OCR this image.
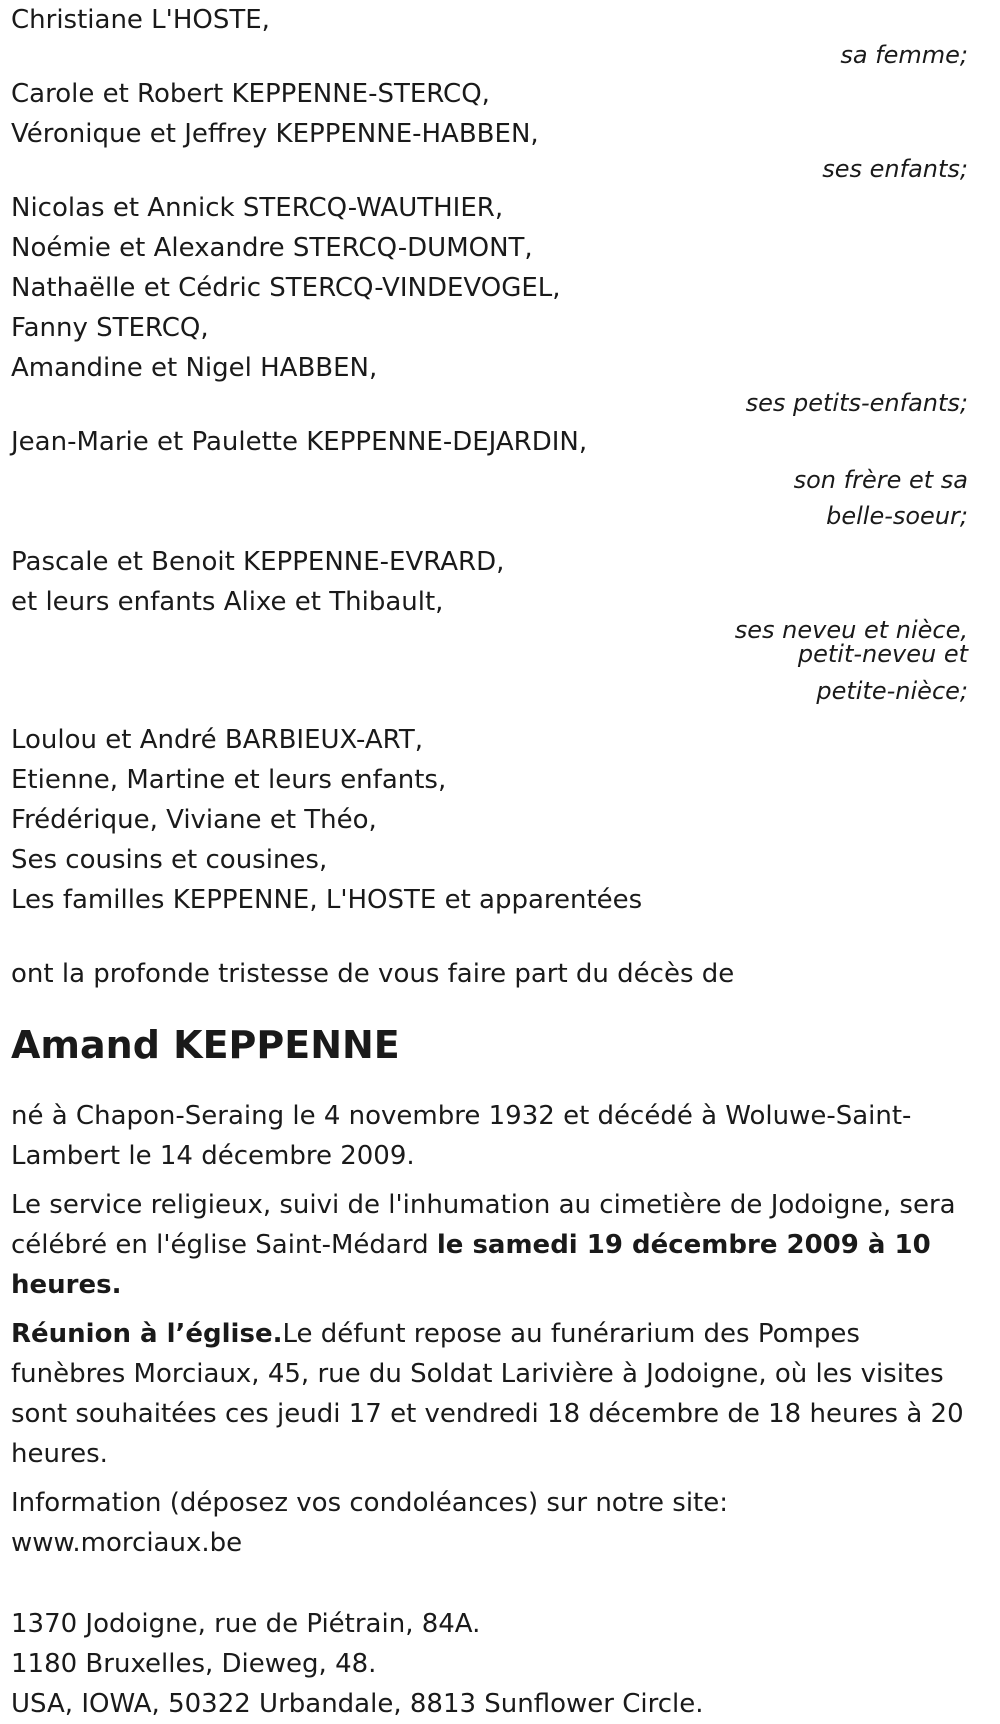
Christiane L'HOSTE,
sa femme;
Carole et Robert KEPPENNE-STERCQ,
Véronique et Jeffrey KEPPENNE-HABBEN,
ses enfants;
Nicolas et Annick STERCQ-WAUTHIER,
Noémie et Alexandre STERCQ-DUMONT,
Nathaëlle et Cédric STERCQ-VINDEVOGEL,
Fanny STERCQ,
Amandine et Nigel HABBEN,
ses petits-enfants;
Jean-Marie et Paulette KEPPENNE-DEJARDIN,
son frère et sa
belle-soeur;
Pascale et Benoit KEPPENNE-EVRARD,
et leurs enfants Alixe et Thibault,
ses neveu et nièce,
petit-neveu et
petite-nièce;
Loulou et André BARBIEUX-ART,
Etienne, Martine et leurs enfants,
Frédérique, Viviane et Théo,
Ses cousins et cousines,
Les familles KEPPENNE, L'HOSTE et apparentées
ont la profonde tristesse de vous faire part du décès de
Amand KEPPENNE
né à Chapon-Seraing le 4 novembre 1932 et décédé à Woluwe-Saint-Lambert le 14 décembre 2009.
Le service religieux, suivi de l'inhumation au cimetière de Jodoigne, sera célébré en l'église Saint-Médard le samedi 19 décembre 2009 à 10 heures.
Réunion à l’église.Le défunt repose au funérarium des Pompes funèbres Morciaux, 45, rue du Soldat Larivière à Jodoigne, où les visites sont souhaitées ces jeudi 17 et vendredi 18 décembre de 18 heures à 20 heures.
Information (déposez vos condoléances) sur notre site:
www.morciaux.be
1370 Jodoigne, rue de Piétrain, 84A.
1180 Bruxelles, Dieweg, 48.
USA, IOWA, 50322 Urbandale, 8813 Sunflower Circle.
